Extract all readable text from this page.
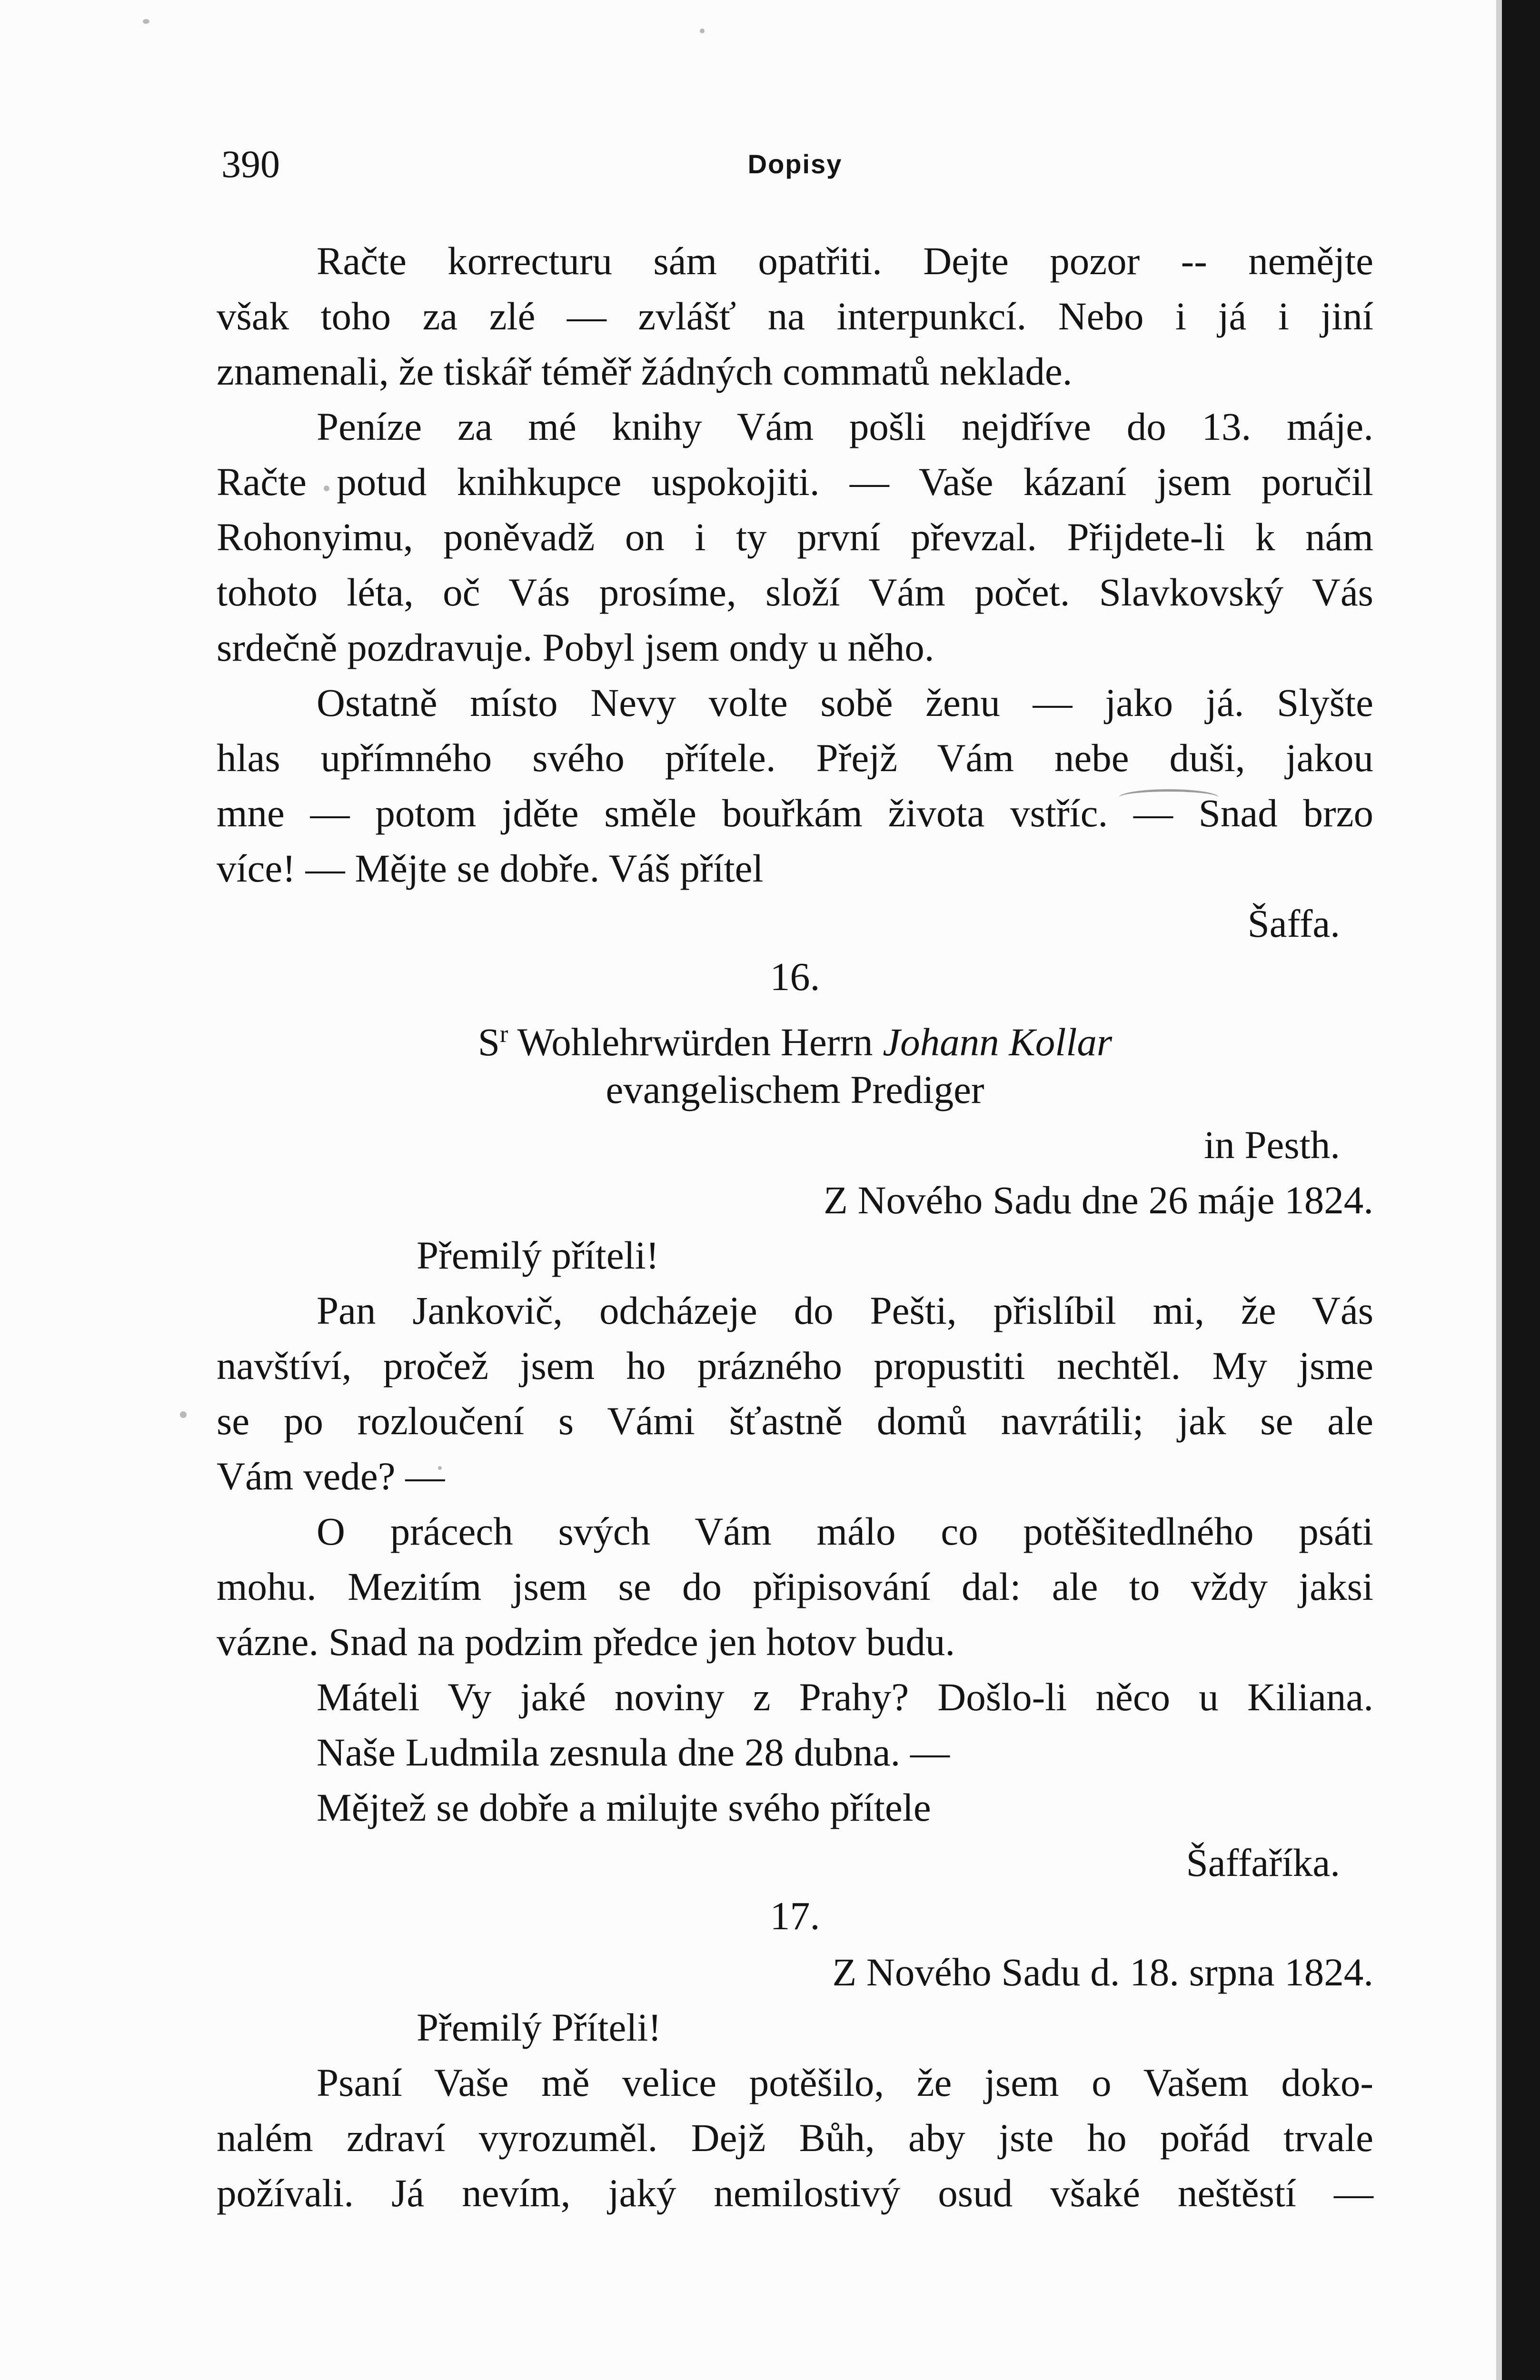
390	Dopisy
Račte korrecturu sám opatřiti. Dejte pozor -- nemějte
však toho za zlé — zvlášť na interpunkcí. Nebo i já i jiní
znamenali, že tiskář téměř žádných commatů neklade.
Peníze za mé knihy Vám pošli nejdříve do 13. máje.
Račte potud knihkupce uspokojiti. — Vaše kázaní jsem poručil
Rohonyimu, poněvadž on i ty první převzal. Přijdete-li k nám
tohoto léta, oč Vás prosíme, složí Vám počet. Slavkovský Vás
srdečně pozdravuje. Pobyl jsem ondy u něho.
Ostatně místo Nevy volte sobě ženu — jako já. Slyšte
hlas upřímného svého přítele. Přejž Vám nebe duši, jakou
mne — potom jděte směle bouřkám života vstříc. — Snad brzo
více! — Mějte se dobře. Váš přítel
Šaffa.
16.
$S^r$ Wohlehrwürden Herrn Johann Kollar
evangelischem Prediger
in Pesth.
Z Nového Sadu dne 26 máje 1824.
Přemilý příteli!
Pan Jankovič, odcházeje do Pešti, přislíbil mi, že Vás
navštíví, pročež jsem ho prázného propustiti nechtěl. My jsme
se po rozloučení s Vámi šťastně domů navrátili; jak se ale
Vám vede? —
O prácech svých Vám málo co potěšitedlného psáti
mohu. Mezitím jsem se do připisování dal: ale to vždy jaksi
vázne. Snad na podzim předce jen hotov budu.
Máteli Vy jaké noviny z Prahy? Došlo-li něco u Kiliana.
Naše Ludmila zesnula dne 28 dubna. —
Mějtež se dobře a milujte svého přítele
Šaffaříka.
17.
Z Nového Sadu d. 18. srpna 1824.
Přemilý Příteli!
Psaní Vaše mě velice potěšilo, že jsem o Vašem doko-
nalém zdraví vyrozuměl. Dejž Bůh, aby jste ho pořád trvale
požívali. Já nevím, jaký nemilostivý osud všaké neštěstí —
